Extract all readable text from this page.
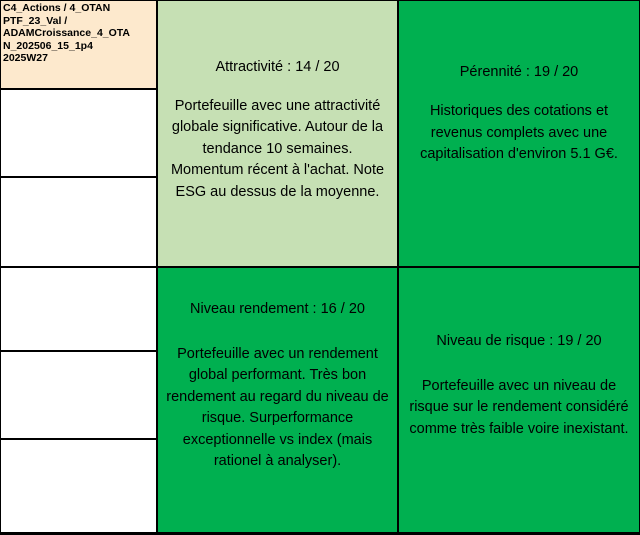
C4_Actions / 4_OTAN
PTF_23_Val /
ADAMCroissance_4_OTA
N_202506_15_1p4
2025W27
Attractivité : 14 / 20
Portefeuille avec une attractivité globale significative. Autour de la tendance 10 semaines. Momentum récent à l'achat. Note ESG au dessus de la moyenne.
Pérennité : 19 / 20
Historiques des cotations et revenus complets avec une capitalisation d'environ 5.1 G€.
Niveau rendement : 16 / 20
Portefeuille avec un rendement global performant. Très bon rendement au regard du niveau de risque. Surperformance exceptionnelle vs index (mais rationel à analyser).
Niveau de risque : 19 / 20
Portefeuille avec un niveau de risque sur le rendement considéré comme très faible voire inexistant.
